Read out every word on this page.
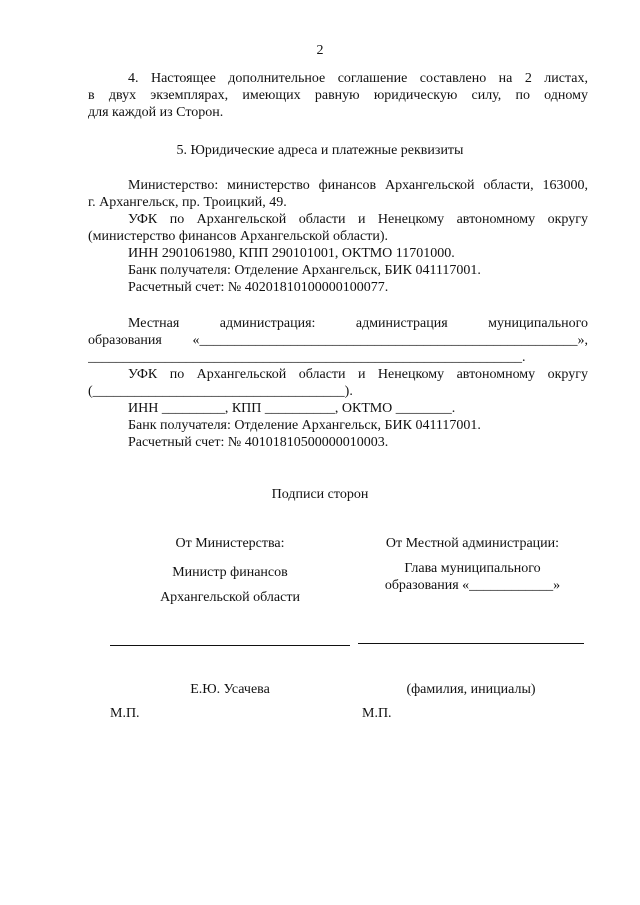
2
4. Настоящее дополнительное соглашение составлено на 2 листах,
в двух экземплярах, имеющих равную юридическую силу, по одному
для каждой из Сторон.
5. Юридические адреса и платежные реквизиты
Министерство: министерство финансов Архангельской области, 163000,
г. Архангельск, пр. Троицкий, 49.
УФК по Архангельской области и Ненецкому автономному округу
(министерство финансов Архангельской области).
ИНН 2901061980, КПП 290101001, ОКТМО 11701000.
Банк получателя: Отделение Архангельск, БИК 041117001.
Расчетный счет: № 40201810100000100077.
Местная администрация: администрация муниципального
образования «______________________________________________________»,
______________________________________________________________.
УФК по Архангельской области и Ненецкому автономному округу
(____________________________________).
ИНН _________, КПП __________, ОКТМО ________.
Банк получателя: Отделение Архангельск, БИК 041117001.
Расчетный счет: № 40101810500000010003.
Подписи сторон
От Министерства:
Министр финансов
Архангельской области
От Местной администрации:
Глава муниципального
образования «____________»
Е.Ю. Усачева	(фамилия, инициалы)
М.П.	М.П.
